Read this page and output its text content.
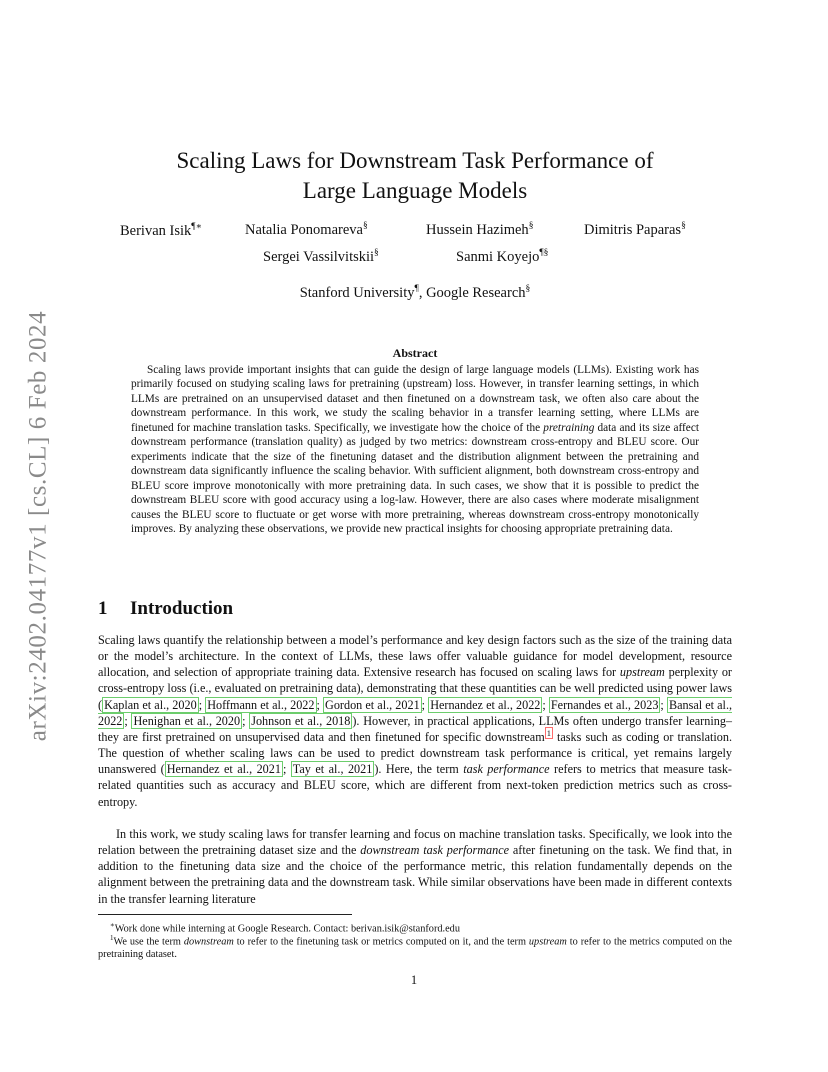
arXiv:2402.04177v1 [cs.CL] 6 Feb 2024
Scaling Laws for Downstream Task Performance of
Large Language Models
Berivan Isik¶∗	Natalia Ponomareva§	Hussein Hazimeh§	Dimitris Paparas§
Sergei Vassilvitskii§	Sanmi Koyejo¶§
Stanford University¶, Google Research§
Abstract

Scaling laws provide important insights that can guide the design of large language models (LLMs). Existing work has primarily focused on studying scaling laws for pretraining (upstream) loss. However, in transfer learning settings, in which LLMs are pretrained on an unsupervised dataset and then finetuned on a downstream task, we often also care about the downstream performance. In this work, we study the scaling behavior in a transfer learning setting, where LLMs are finetuned for machine translation tasks. Specifically, we investigate how the choice of the pretraining data and its size affect downstream performance (translation quality) as judged by two metrics: downstream cross-entropy and BLEU score. Our experiments indicate that the size of the finetuning dataset and the distribution alignment between the pretraining and downstream data significantly influence the scaling behavior. With sufficient alignment, both downstream cross-entropy and BLEU score improve monotonically with more pretraining data. In such cases, we show that it is possible to predict the downstream BLEU score with good accuracy using a log-law. However, there are also cases where moderate misalignment causes the BLEU score to fluctuate or get worse with more pretraining, whereas downstream cross-entropy monotonically improves. By analyzing these observations, we provide new practical insights for choosing appropriate pretraining data.

1 Introduction

Scaling laws quantify the relationship between a model’s performance and key design factors such as the size of the training data or the model’s architecture. In the context of LLMs, these laws offer valuable guidance for model development, resource allocation, and selection of appropriate training data. Extensive research has focused on scaling laws for upstream perplexity or cross-entropy loss (i.e., evaluated on pretraining data), demonstrating that these quantities can be well predicted using power laws ( Kaplan et al., 2020 ; Hoffmann et al., 2022 ; Gordon et al., 2021 ; Hernandez et al., 2022 ; Fernandes et al., 2023 ; Bansal et al., 2022 ; Henighan et al., 2020 ; Johnson et al., 2018 ). However, in practical applications, LLMs often undergo transfer learning–they are first pretrained on unsupervised data and then finetuned for specific downstream $^1$ tasks such as coding or translation. The question of whether scaling laws can be used to predict downstream task performance is critical, yet remains largely unanswered ( Hernandez et al., 2021 ; Tay et al., 2021 ). Here, the term task performance refers to metrics that measure task-related quantities such as accuracy and BLEU score, which are different from next-token prediction metrics such as cross-entropy.

In this work, we study scaling laws for transfer learning and focus on machine translation tasks. Specifically, we look into the relation between the pretraining dataset size and the downstream task performance after finetuning on the task. We find that, in addition to the finetuning data size and the choice of the performance metric, this relation fundamentally depends on the alignment between the pretraining data and the downstream task. While similar observations have been made in different contexts in the transfer learning literature

∗Work done while interning at Google Research. Contact: berivan.isik@stanford.edu

$^1$We use the term downstream to refer to the finetuning task or metrics computed on it, and the term upstream to refer to the metrics computed on the pretraining dataset.

1
